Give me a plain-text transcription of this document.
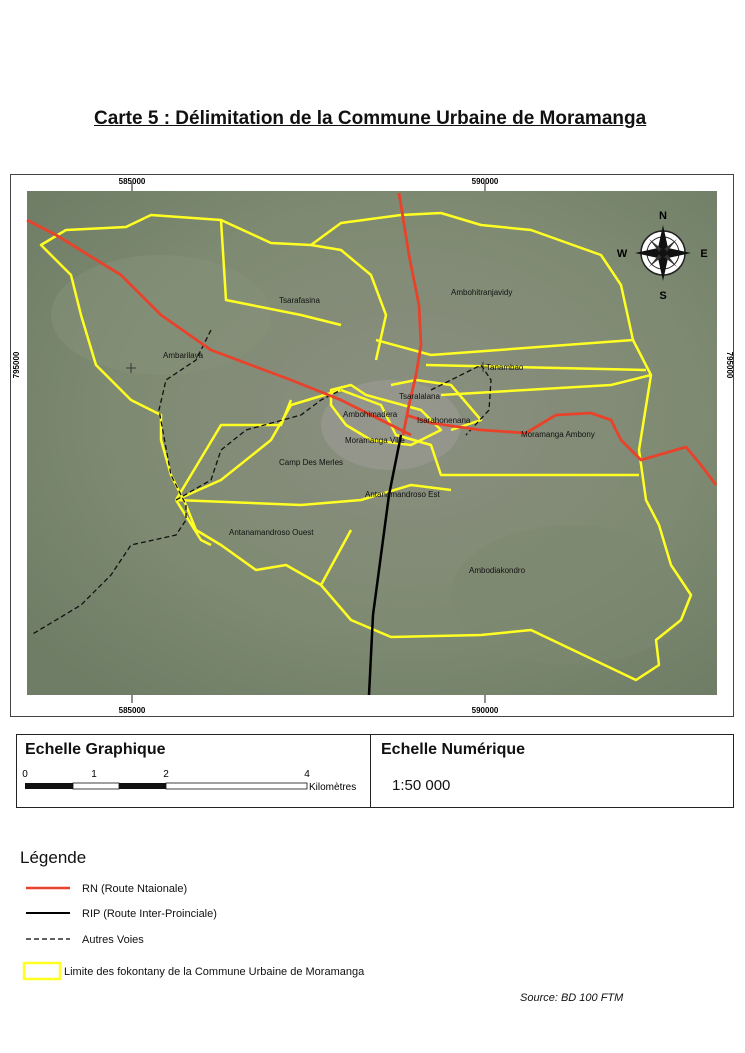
Carte 5 : Délimitation de la Commune Urbaine de Moramanga
585000	590000
585000	590000
795000	795000
Tsarafasina
Ambohitranjavidy
Ambarilava
Tanambao
Tsaralalana
Ambohimadera
Isarahonenana
Moramanga Ambony
Moramanga Ville
Camp Des Merles
Antanamandroso Est
Antanamandroso Ouest
Ambodiakondro
N
S
E
W
Echelle Graphique	Echelle Numérique
0	1	2	4
Kilomètres 1:50 000
Légende
RN (Route Ntaionale)
RIP (Route Inter-Proinciale)
Autres Voies
Limite des fokontany de la Commune Urbaine de Moramanga
Source: BD 100 FTM
